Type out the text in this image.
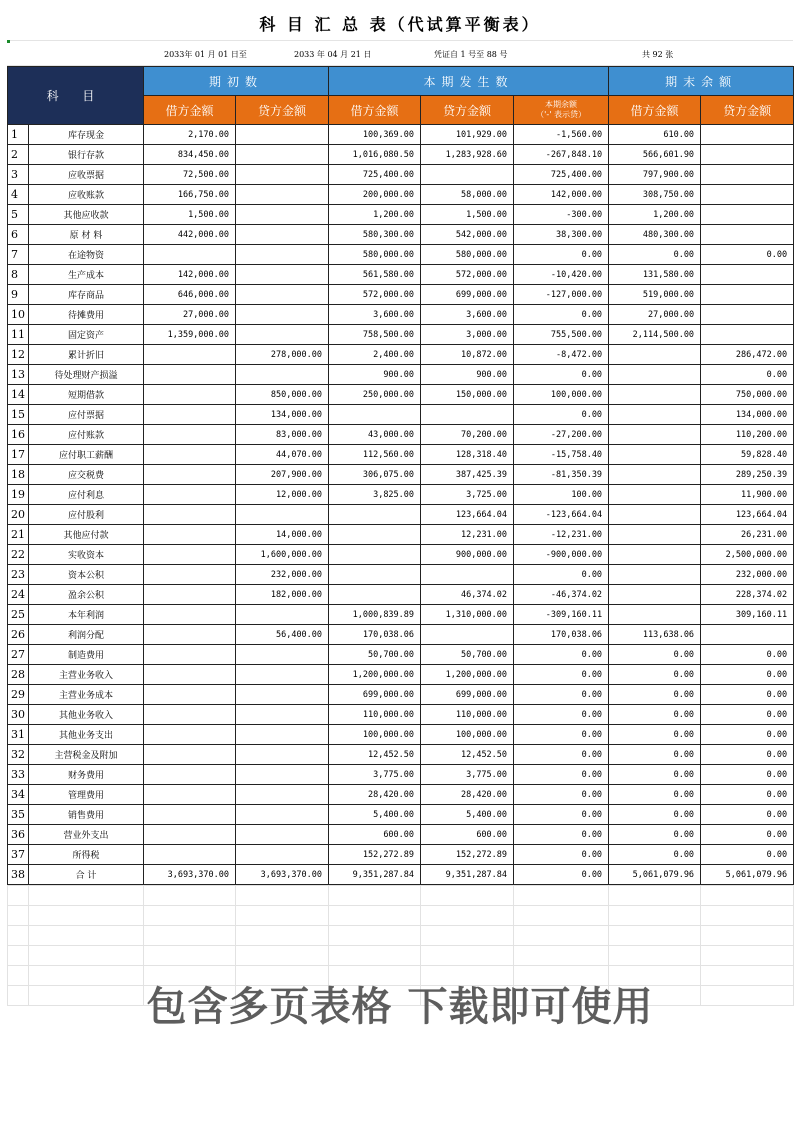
科 目 汇 总 表（代试算平衡表）
2033年 01 月 01 日至	2033 年 04 月 21 日	凭证自 1 号至 88 号	共 92 张
科 目		期初数		本期发生数			期末余额	
		借方金额	贷方金额	借方金额	贷方金额	本期余额
（'-' 表示贷）	借方金额	贷方金额
1	库存现金	2,170.00		100,369.00	101,929.00	-1,560.00	610.00	
2	银行存款	834,450.00		1,016,080.50	1,283,928.60	-267,848.10	566,601.90	
3	应收票据	72,500.00		725,400.00		725,400.00	797,900.00	
4	应收账款	166,750.00		200,000.00	58,000.00	142,000.00	308,750.00	
5	其他应收款	1,500.00		1,200.00	1,500.00	-300.00	1,200.00	
6	原 材 料	442,000.00		580,300.00	542,000.00	38,300.00	480,300.00	
7	在途物资			580,000.00	580,000.00	0.00	0.00	0.00
8	生产成本	142,000.00		561,580.00	572,000.00	-10,420.00	131,580.00	
9	库存商品	646,000.00		572,000.00	699,000.00	-127,000.00	519,000.00	
10	待摊费用	27,000.00		3,600.00	3,600.00	0.00	27,000.00	
11	固定资产	1,359,000.00		758,500.00	3,000.00	755,500.00	2,114,500.00	
12	累计折旧		278,000.00	2,400.00	10,872.00	-8,472.00		286,472.00
13	待处理财产损溢			900.00	900.00	0.00		0.00
14	短期借款		850,000.00	250,000.00	150,000.00	100,000.00		750,000.00
15	应付票据		134,000.00			0.00		134,000.00
16	应付账款		83,000.00	43,000.00	70,200.00	-27,200.00		110,200.00
17	应付职工薪酬		44,070.00	112,560.00	128,318.40	-15,758.40		59,828.40
18	应交税费		207,900.00	306,075.00	387,425.39	-81,350.39		289,250.39
19	应付利息		12,000.00	3,825.00	3,725.00	100.00		11,900.00
20	应付股利				123,664.04	-123,664.04		123,664.04
21	其他应付款		14,000.00		12,231.00	-12,231.00		26,231.00
22	实收资本		1,600,000.00		900,000.00	-900,000.00		2,500,000.00
23	资本公积		232,000.00			0.00		232,000.00
24	盈余公积		182,000.00		46,374.02	-46,374.02		228,374.02
25	本年利润			1,000,839.89	1,310,000.00	-309,160.11		309,160.11
26	利润分配		56,400.00	170,038.06		170,038.06	113,638.06	
27	制造费用			50,700.00	50,700.00	0.00	0.00	0.00
28	主营业务收入			1,200,000.00	1,200,000.00	0.00	0.00	0.00
29	主营业务成本			699,000.00	699,000.00	0.00	0.00	0.00
30	其他业务收入			110,000.00	110,000.00	0.00	0.00	0.00
31	其他业务支出			100,000.00	100,000.00	0.00	0.00	0.00
32	主营税金及附加			12,452.50	12,452.50	0.00	0.00	0.00
33	财务费用			3,775.00	3,775.00	0.00	0.00	0.00
34	管理费用			28,420.00	28,420.00	0.00	0.00	0.00
35	销售费用			5,400.00	5,400.00	0.00	0.00	0.00
36	营业外支出			600.00	600.00	0.00	0.00	0.00
37	所得税			152,272.89	152,272.89	0.00	0.00	0.00
38	合 计	3,693,370.00	3,693,370.00	9,351,287.84	9,351,287.84	0.00	5,061,079.96	5,061,079.96

包含多页表格 下载即可使用
